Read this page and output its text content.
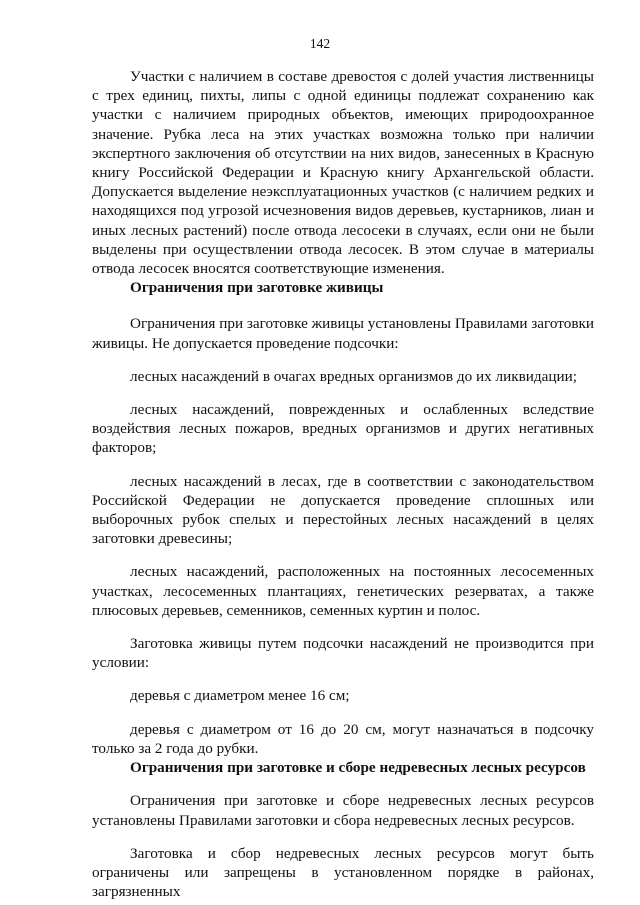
142

Участки с наличием в составе древостоя с долей участия лиственницы с трех единиц, пихты, липы с одной единицы подлежат сохранению как участки с наличием природных объектов, имеющих природоохранное значение. Рубка леса на этих участках возможна только при наличии экспертного заключения об отсутствии на них видов, занесенных в Красную книгу Российской Федерации и Красную книгу Архангельской области. Допускается выделение неэксплуатационных участков (с наличием редких и находящихся под угрозой исчезновения видов деревьев, кустарников, лиан и иных лесных растений) после отвода лесосеки в случаях, если они не были выделены при осуществлении отвода лесосек. В этом случае в материалы отвода лесосек вносятся соответствующие изменения.

Ограничения при заготовке живицы

Ограничения при заготовке живицы установлены Правилами заготовки живицы. Не допускается проведение подсочки:

лесных насаждений в очагах вредных организмов до их ликвидации;

лесных насаждений, поврежденных и ослабленных вследствие воздействия лесных пожаров, вредных организмов и других негативных факторов;

лесных насаждений в лесах, где в соответствии с законодательством Российской Федерации не допускается проведение сплошных или выборочных рубок спелых и перестойных лесных насаждений в целях заготовки древесины;

лесных насаждений, расположенных на постоянных лесосеменных участках, лесосеменных плантациях, генетических резерватах, а также плюсовых деревьев, семенников, семенных куртин и полос.

Заготовка живицы путем подсочки насаждений не производится при условии:

деревья с диаметром менее 16 см;

деревья с диаметром от 16 до 20 см, могут назначаться в подсочку только за 2 года до рубки.

Ограничения при заготовке и сборе недревесных лесных ресурсов

Ограничения при заготовке и сборе недревесных лесных ресурсов установлены Правилами заготовки и сбора недревесных лесных ресурсов.

Заготовка и сбор недревесных лесных ресурсов могут быть ограничены или запрещены в установленном порядке в районах, загрязненных
